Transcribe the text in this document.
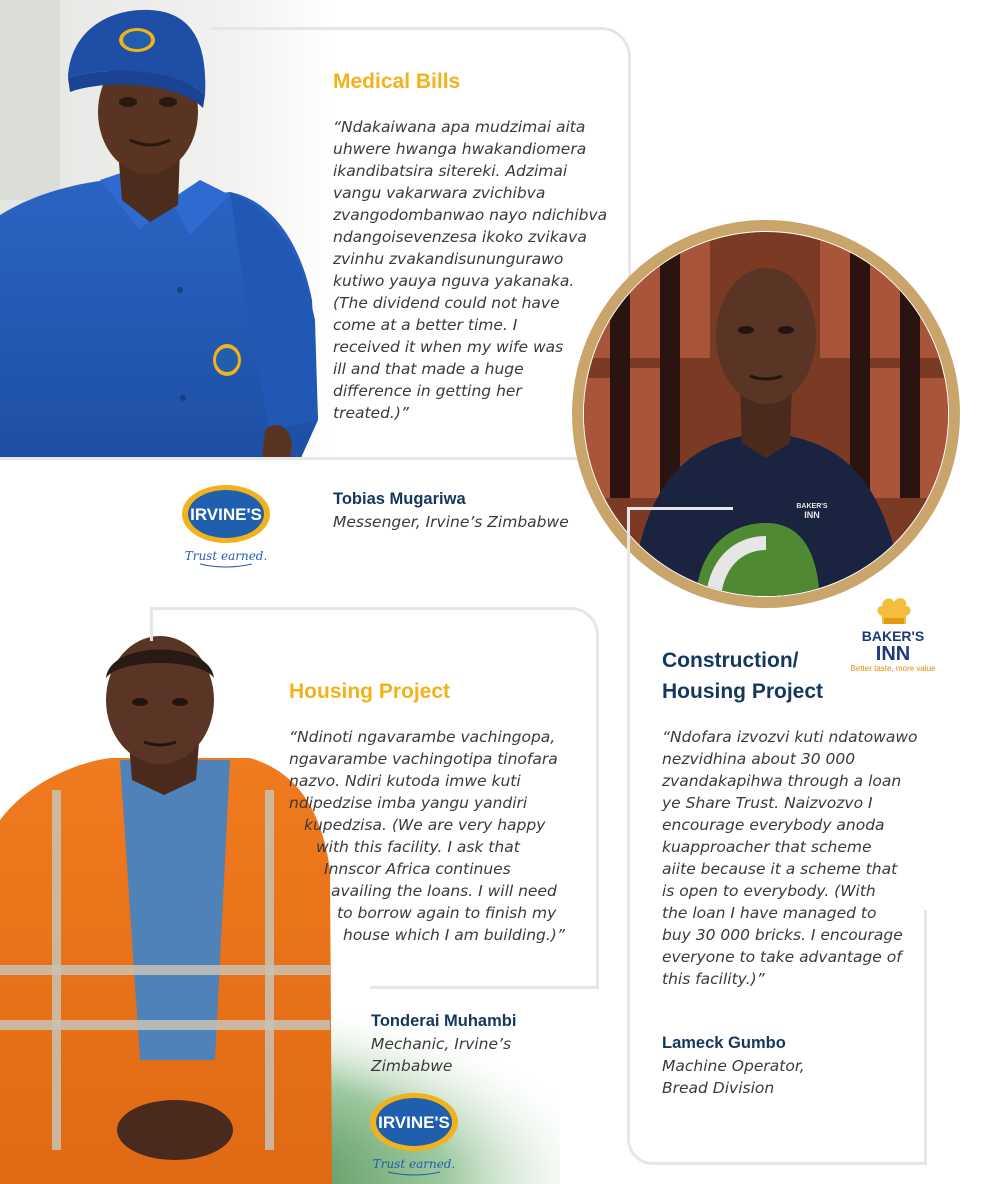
Medical Bills

“Ndakaiwana apa mudzimai aita
uhwere hwanga hwakandiomera
ikandibatsira sitereki. Adzimai
vangu vakarwara zvichibva
zvangodombanwao nayo ndichibva
ndangoisevenzesa ikoko zvikava
zvinhu zvakandisunungurawo
kutiwo yauya nguva yakanaka.
(The dividend could not have
come at a better time. I
received it when my wife was
ill and that made a huge
difference in getting her
treated.)”

IRVINE'S
Trust earned.
Tobias Mugariwa
Messenger, Irvine’s Zimbabwe
BAKER'S
INN
BAKER'S
INN
Better taste, more value
Construction/
Housing Project

“Ndofara izvozvi kuti ndatowawo
nezvidhina about 30 000
zvandakapihwa through a loan
ye Share Trust. Naizvozvo I
encourage everybody anoda
kuapproacher that scheme
aiite because it a scheme that
is open to everybody. (With
the loan I have managed to
buy 30 000 bricks. I encourage
everyone to take advantage of
this facility.)”

Lameck Gumbo
Machine Operator,
Bread Division
Housing Project
“Ndinoti ngavarambe vachingopa,
ngavarambe vachingotipa tinofara
nazvo. Ndiri kutoda imwe kuti
ndipedzise imba yangu yandiri
kupedzisa. (We are very happy
with this facility. I ask that
Innscor Africa continues
availing the loans. I will need
to borrow again to finish my
house which I am building.)”
Tonderai Muhambi
Mechanic, Irvine’s
Zimbabwe
IRVINE'S
Trust earned.
